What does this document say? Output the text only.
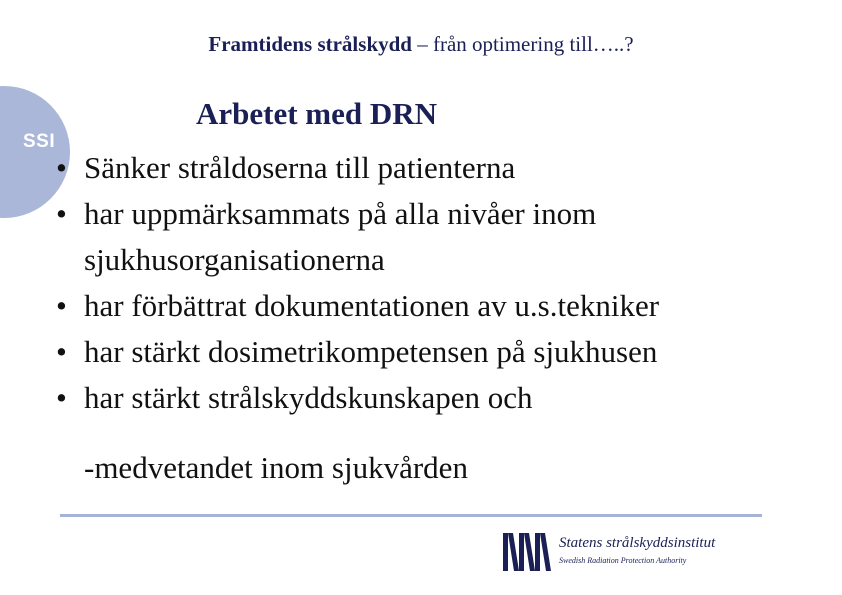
SSI
Framtidens strålskydd – från optimering till…..?
Arbetet med DRN
• Sänker stråldoserna till patienterna
• har uppmärksammats på alla nivåer inom sjukhusorganisationerna
• har förbättrat dokumentationen av u.s.tekniker
• har stärkt dosimetrikompetensen på sjukhusen
• har stärkt strålskyddskunskapen och
-medvetandet inom sjukvården
Statens strålskyddsinstitut
Swedish Radiation Protection Authority
